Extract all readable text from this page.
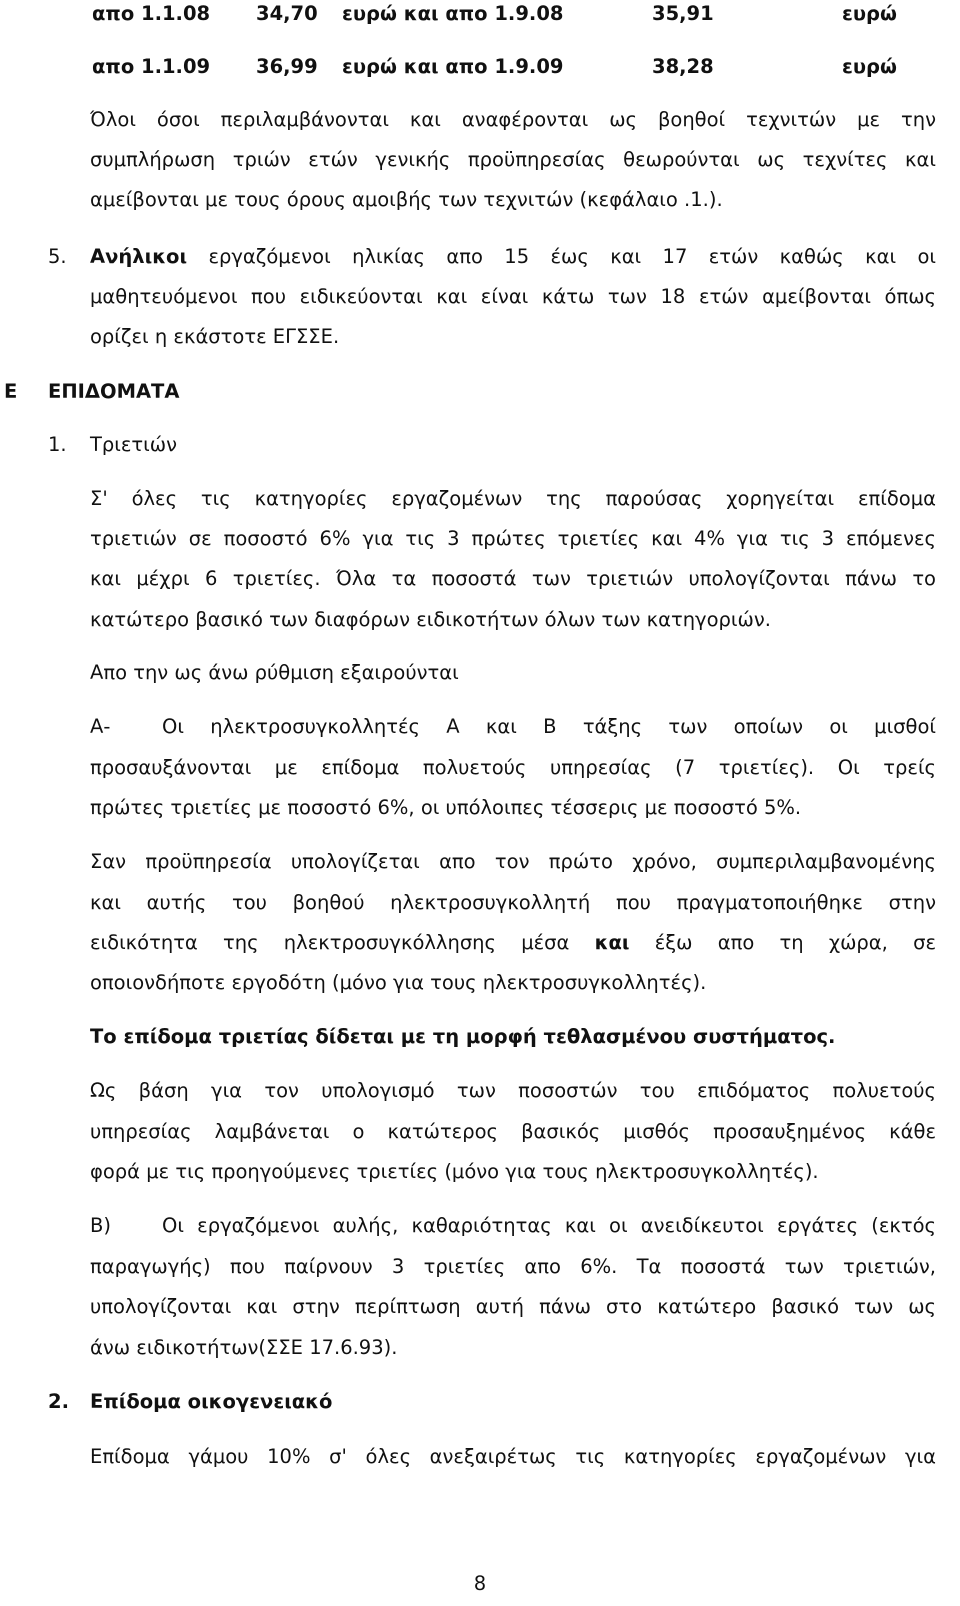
απο 1.1.08 34,70 ευρώ και απο 1.9.08	35,91	ευρώ
απο 1.1.09 36,99 ευρώ και απο 1.9.09	38,28	ευρώ
Όλοι όσοι περιλαμβάνονται και αναφέρονται ως βοηθοί τεχνιτών με την
συμπλήρωση τριών ετών γενικής προϋπηρεσίας θεωρούνται ως τεχνίτες και
αμείβονται με τους όρους αμοιβής των τεχνιτών (κεφάλαιο .1.).
5. Ανήλικοι εργαζόμενοι ηλικίας απο 15 έως και 17 ετών καθώς και οι
μαθητευόμενοι που ειδικεύονται και είναι κάτω των 18 ετών αμείβονται όπως
ορίζει η εκάστοτε ΕΓΣΣΕ.
Ε ΕΠΙΔΟΜΑΤΑ
1. Τριετιών
Σ' όλες τις κατηγορίες εργαζομένων της παρούσας χορηγείται επίδομα
τριετιών σε ποσοστό 6% για τις 3 πρώτες τριετίες και 4% για τις 3 επόμενες
και μέχρι 6 τριετίες. Όλα τα ποσοστά των τριετιών υπολογίζονται πάνω το
κατώτερο βασικό των διαφόρων ειδικοτήτων όλων των κατηγοριών.
Απο την ως άνω ρύθμιση εξαιρούνται
Α-	Οι ηλεκτροσυγκολλητές Α και Β τάξης των οποίων οι μισθοί
προσαυξάνονται με επίδομα πολυετούς υπηρεσίας (7 τριετίες). Οι τρείς
πρώτες τριετίες με ποσοστό 6%, οι υπόλοιπες τέσσερις με ποσοστό 5%.
Σαν προϋπηρεσία υπολογίζεται απο τον πρώτο χρόνο, συμπεριλαμβανομένης
και αυτής του βοηθού ηλεκτροσυγκολλητή που πραγματοποιήθηκε στην
ειδικότητα της ηλεκτροσυγκόλλησης μέσα και έξω απο τη χώρα, σε
οποιονδήποτε εργοδότη (μόνο για τους ηλεκτροσυγκολλητές).
Το επίδομα τριετίας δίδεται με τη μορφή τεθλασμένου συστήματος.
Ως βάση για τον υπολογισμό των ποσοστών του επιδόματος πολυετούς
υπηρεσίας λαμβάνεται ο κατώτερος βασικός μισθός προσαυξημένος κάθε
φορά με τις προηγούμενες τριετίες (μόνο για τους ηλεκτροσυγκολλητές).
Β)	Οι εργαζόμενοι αυλής, καθαριότητας και οι ανειδίκευτοι εργάτες (εκτός
παραγωγής) που παίρνουν 3 τριετίες απο 6%. Τα ποσοστά των τριετιών,
υπολογίζονται και στην περίπτωση αυτή πάνω στο κατώτερο βασικό των ως
άνω ειδικοτήτων(ΣΣΕ 17.6.93).
2. Επίδομα οικογενειακό
Επίδομα γάμου 10% σ' όλες ανεξαιρέτως τις κατηγορίες εργαζομένων για
8
